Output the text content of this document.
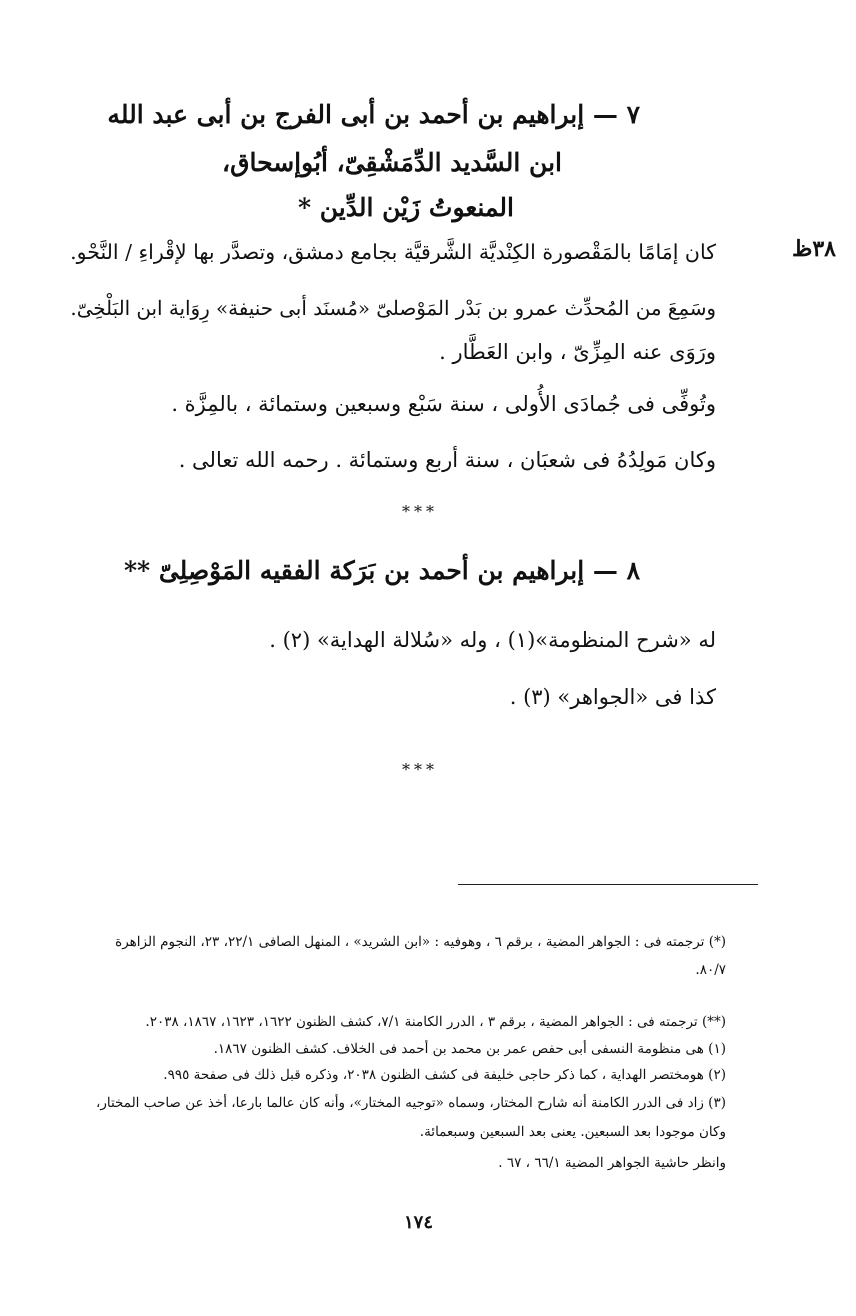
٧ — إبراهيم بن أحمد بن أبى الفرج بن أبى عبد الله
ابن السَّديد الدِّمَشْقِىّ، أبُوإسحاق،
المنعوتُ زَيْن الدِّين *
٣٨ظ
كان إمَامًا بالمَقْصورة الكِنْديَّة الشَّرقيَّة بجامع دمشق، وتصدَّر بها لإقْراءِ / النَّحْو.
وسَمِعَ من المُحدِّث عمرو بن بَدْر المَوْصلىّ «مُسنَد أبى حنيفة» رِوَاية ابن البَلْخِىّ.
ورَوَى عنه المِزِّىّ ، وابن العَطَّار .
وتُوفِّى فى جُمادَى الأُولى ، سنة سَبْع وسبعين وستمائة ، بالمِزَّة .
وكان مَولِدُهُ فى شعبَان ، سنة أربع وستمائة . رحمه الله تعالى .
***
٨ — إبراهيم بن أحمد بن بَرَكة الفقيه المَوْصِلِىّ **
له «شرح المنظومة»(١) ، وله «سُلالة الهداية» (٢) .
كذا فى «الجواهر» (٣) .
***
(*) ترجمته فى : الجواهر المضية ، برقم ٦ ، وهوفيه : «ابن الشريد» ، المنهل الصافى ٢٢/١، ٢٣، النجوم الزاهرة
٨٠/٧.
(**) ترجمته فى : الجواهر المضية ، برقم ٣ ، الدرر الكامنة ٧/١، كشف الظنون ١٦٢٢، ١٦٢٣، ١٨٦٧، ٢٠٣٨.
(١) هى منظومة النسفى أبى حفص عمر بن محمد بن أحمد فى الخلاف. كشف الظنون ١٨٦٧.
(٢) هومختصر الهداية ، كما ذكر حاجى خليفة فى كشف الظنون ٢٠٣٨، وذكره قبل ذلك فى صفحة ٩٩٥.
(٣) زاد فى الدرر الكامنة أنه شارح المختار، وسماه «توجيه المختار»، وأنه كان عالما بارعا، أخذ عن صاحب المختار،
وكان موجودا بعد السبعين. يعنى بعد السبعين وسبعمائة.
وانظر حاشية الجواهر المضية ٦٦/١ ، ٦٧ .
١٧٤
